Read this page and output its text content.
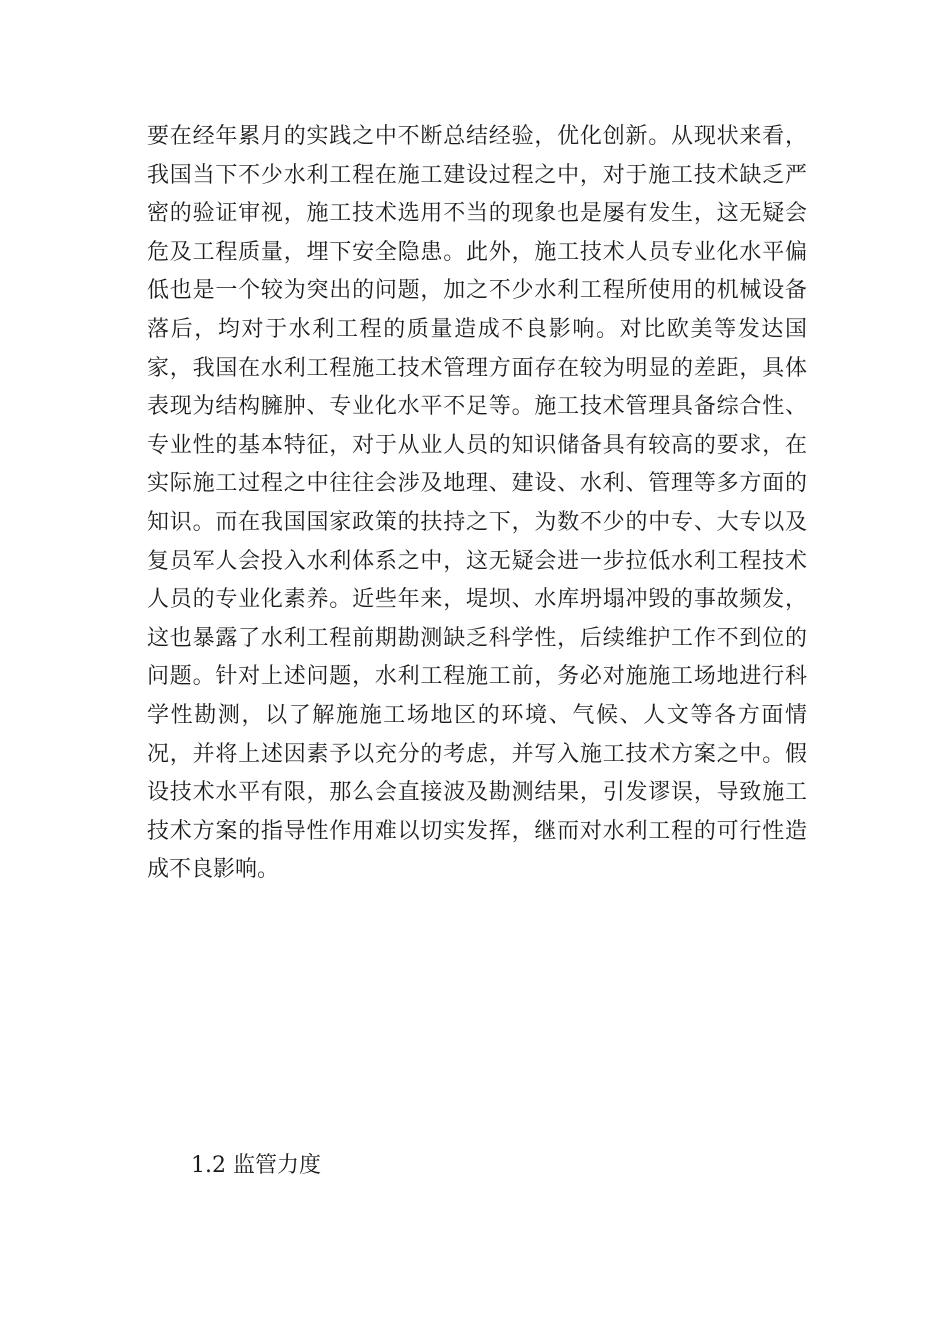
要在经年累月的实践之中不断总结经验，优化创新。从现状来看，
我国当下不少水利工程在施工建设过程之中，对于施工技术缺乏严
密的验证审视，施工技术选用不当的现象也是屡有发生，这无疑会
危及工程质量，埋下安全隐患。此外，施工技术人员专业化水平偏
低也是一个较为突出的问题，加之不少水利工程所使用的机械设备
落后，均对于水利工程的质量造成不良影响。对比欧美等发达国
家，我国在水利工程施工技术管理方面存在较为明显的差距，具体
表现为结构臃肿、专业化水平不足等。施工技术管理具备综合性、
专业性的基本特征，对于从业人员的知识储备具有较高的要求，在
实际施工过程之中往往会涉及地理、建设、水利、管理等多方面的
知识。而在我国国家政策的扶持之下，为数不少的中专、大专以及
复员军人会投入水利体系之中，这无疑会进一步拉低水利工程技术
人员的专业化素养。近些年来，堤坝、水库坍塌冲毁的事故频发，
这也暴露了水利工程前期勘测缺乏科学性，后续维护工作不到位的
问题。针对上述问题，水利工程施工前，务必对施施工场地进行科
学性勘测，以了解施施工场地区的环境、气候、人文等各方面情
况，并将上述因素予以充分的考虑，并写入施工技术方案之中。假
设技术水平有限，那么会直接波及勘测结果，引发谬误，导致施工
技术方案的指导性作用难以切实发挥，继而对水利工程的可行性造
成不良影响。
1.2 监管力度
